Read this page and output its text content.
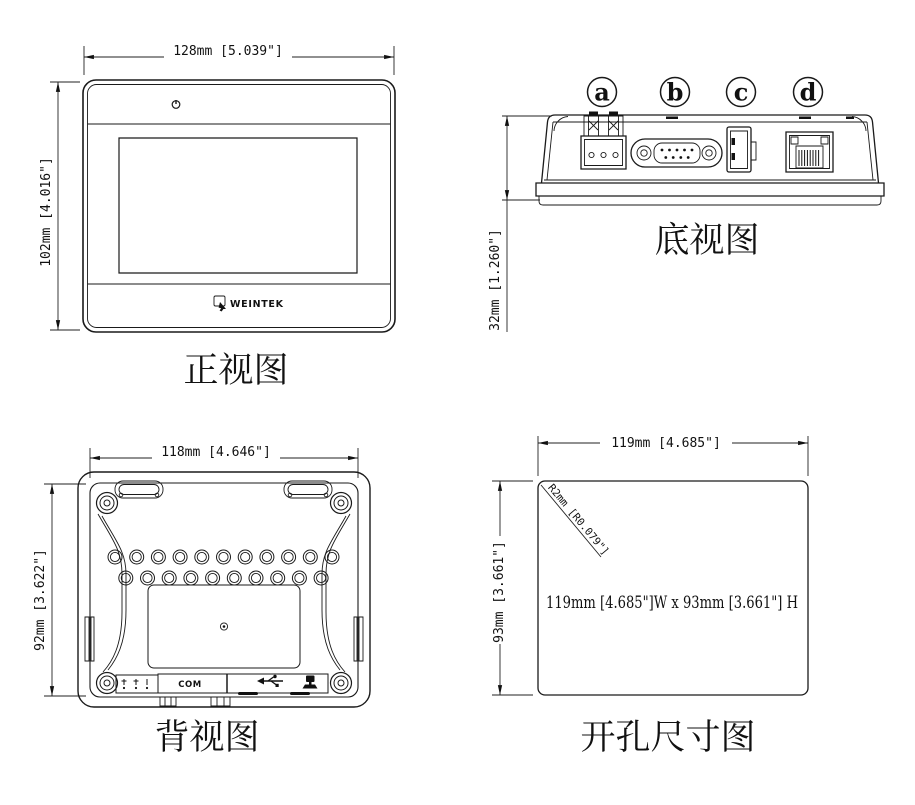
128mm [5.039"]
102mm [4.016"]
WEINTEK
正视图
a b c d
32mm [1.260"]	底视图
118mm [4.646"]
92mm [3.622"]
COM
背视图
119mm [4.685"]
93mm [3.661"]
R2mm [R0.079"]
119mm [4.685"]W x 93mm [3.661"] H
开孔尺寸图
